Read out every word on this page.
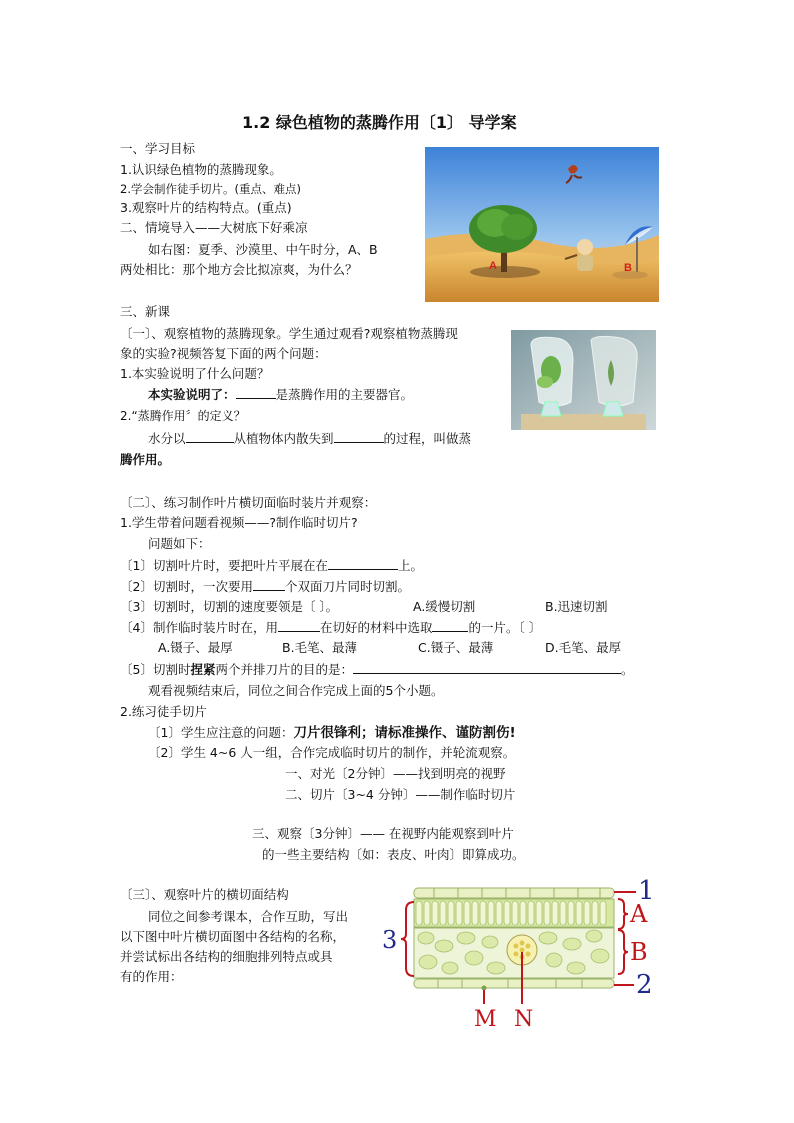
1.2 绿色植物的蒸腾作用〔1〕 导学案
一、学习目标
1.认识绿色植物的蒸腾现象。
2.学会制作徒手切片。(重点、难点)
3.观察叶片的结构特点。(重点)
二、情境导入——大树底下好乘凉
如右图：夏季、沙漠里、中午时分，A、B
两处相比：那个地方会比拟凉爽，为什么？	A	B
三、新课
〔一〕、观察植物的蒸腾现象。学生通过观看?观察植物蒸腾现
象的实验?视频答复下面的两个问题：
1.本实验说明了什么问题？
本实验说明了：	是蒸腾作用的主要器官。
2.“蒸腾作用〞的定义？
水分以	从植物体内散失到	的过程，叫做蒸
腾作用。
〔二〕、练习制作叶片横切面临时装片并观察：
1.学生带着问题看视频——?制作临时切片?
问题如下：
〔1〕切割叶片时，要把叶片平展在在	上。
〔2〕切割时，一次要用	个双面刀片同时切割。
〔3〕切割时，切割的速度要领是〔 〕。	A.缓慢切割	B.迅速切割
〔4〕制作临时装片时在，用	在切好的材料中选取	的一片。〔 〕
A.镊子、最厚	B.毛笔、最薄	C.镊子、最薄	D.毛笔、最厚
〔5〕切割时捏紧两个并排刀片的目的是：	。
观看视频结束后，同位之间合作完成上面的5个小题。
2.练习徒手切片
〔1〕学生应注意的问题：刀片很锋利；请标准操作、谨防割伤!
〔2〕学生 4~6 人一组，合作完成临时切片的制作，并轮流观察。
一、对光〔2分钟〕——找到明亮的视野
二、切片〔3~4 分钟〕——制作临时切片
三、观察〔3分钟〕—— 在视野内能观察到叶片
的一些主要结构〔如：表皮、叶肉〕即算成功。
〔三〕、观察叶片的横切面结构
同位之间参考课本，合作互助，写出
以下图中叶片横切面图中各结构的名称，
并尝试标出各结构的细胞排列特点或具
有的作用：
1
2
A
B
3
M N
